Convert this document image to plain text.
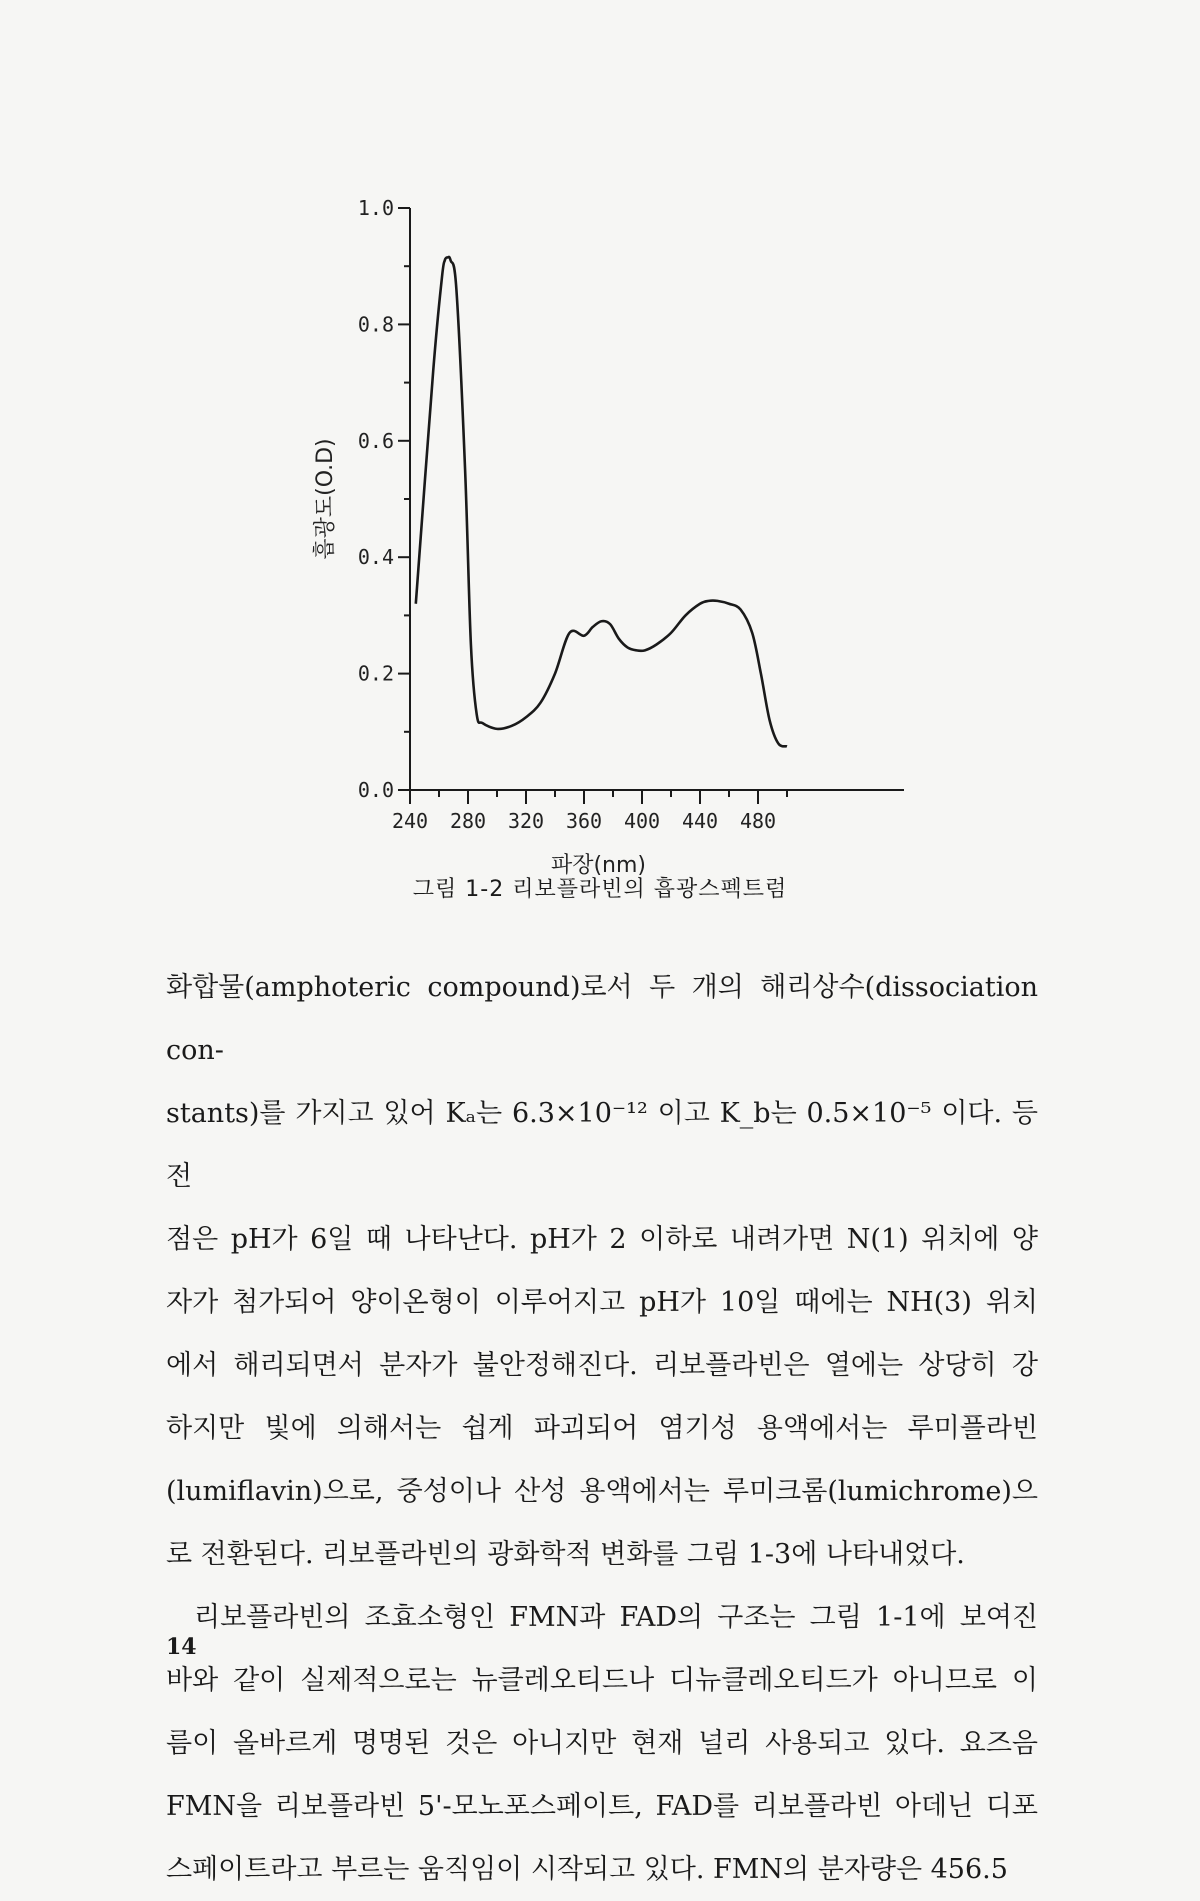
0.0
0.2
0.4
0.6
0.8
1.0
240 280 320 360 400 440 480
파장(nm)
흡광도(O.D)
그림 1-2 리보플라빈의 흡광스펙트럼

화합물(amphoteric compound)로서 두 개의 해리상수(dissociation con-

stants)를 가지고 있어 Kₐ는 6.3×10⁻¹² 이고 K_b는 0.5×10⁻⁵ 이다. 등전

점은 pH가 6일 때 나타난다. pH가 2 이하로 내려가면 N(1) 위치에 양

자가 첨가되어 양이온형이 이루어지고 pH가 10일 때에는 NH(3) 위치

에서 해리되면서 분자가 불안정해진다. 리보플라빈은 열에는 상당히 강

하지만 빛에 의해서는 쉽게 파괴되어 염기성 용액에서는 루미플라빈

(lumiflavin)으로, 중성이나 산성 용액에서는 루미크롬(lumichrome)으

로 전환된다. 리보플라빈의 광화학적 변화를 그림 1-3에 나타내었다.

리보플라빈의 조효소형인 FMN과 FAD의 구조는 그림 1-1에 보여진

바와 같이 실제적으로는 뉴클레오티드나 디뉴클레오티드가 아니므로 이

름이 올바르게 명명된 것은 아니지만 현재 널리 사용되고 있다. 요즈음

FMN을 리보플라빈 5'-모노포스페이트, FAD를 리보플라빈 아데닌 디포

스페이트라고 부르는 움직임이 시작되고 있다. FMN의 분자량은 456.5

14
